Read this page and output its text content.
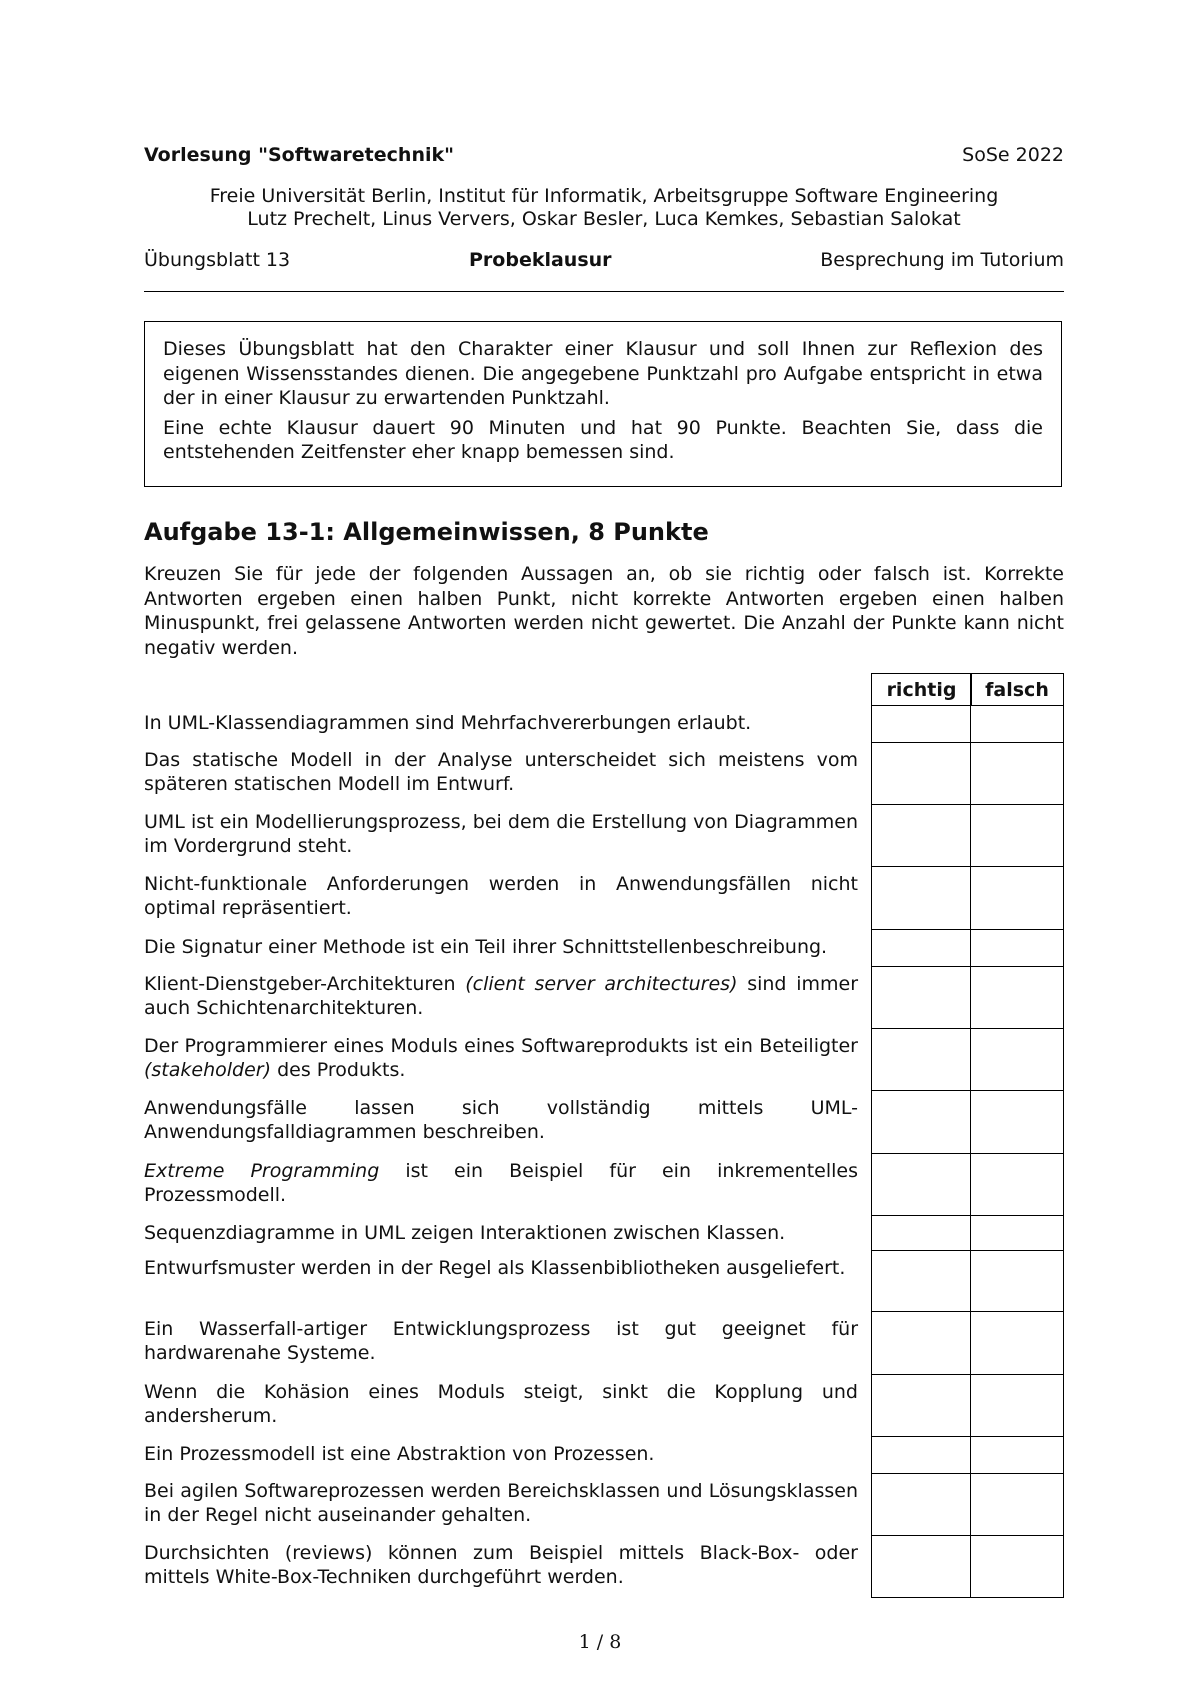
Vorlesung "Softwaretechnik"	SoSe 2022
Freie Universität Berlin, Institut für Informatik, Arbeitsgruppe Software Engineering
Lutz Prechelt, Linus Ververs, Oskar Besler, Luca Kemkes, Sebastian Salokat
Übungsblatt 13	Probeklausur	Besprechung im Tutorium

Dieses Übungsblatt hat den Charakter einer Klausur und soll Ihnen zur Reflexion des eigenen Wissensstandes dienen. Die angegebene Punktzahl pro Aufgabe entspricht in etwa der in einer Klausur zu erwartenden Punktzahl.

Eine echte Klausur dauert 90 Minuten und hat 90 Punkte. Beachten Sie, dass die entstehenden Zeitfenster eher knapp bemessen sind.

Aufgabe 13-1: Allgemeinwissen, 8 Punkte
Kreuzen Sie für jede der folgenden Aussagen an, ob sie richtig oder falsch ist. Korrekte Antworten ergeben einen halben Punkt, nicht korrekte Antworten ergeben einen halben Minuspunkt, frei gelassene Antworten werden nicht gewertet. Die Anzahl der Punkte kann nicht negativ werden.
richtig	falsch
In UML-Klassendiagrammen sind Mehrfachvererbungen erlaubt.
Das statische Modell in der Analyse unterscheidet sich meistens vom späteren statischen Modell im Entwurf.
UML ist ein Modellierungsprozess, bei dem die Erstellung von Diagrammen im Vordergrund steht.
Nicht-funktionale Anforderungen werden in Anwendungsfällen nicht optimal repräsentiert.
Die Signatur einer Methode ist ein Teil ihrer Schnittstellenbeschreibung.
Klient-Dienstgeber-Architekturen (client server architectures) sind immer auch Schichtenarchitekturen.
Der Programmierer eines Moduls eines Softwareprodukts ist ein Beteiligter (stakeholder) des Produkts.
Anwendungsfälle lassen sich vollständig mittels UML-Anwendungsfalldiagrammen beschreiben.
Extreme Programming ist ein Beispiel für ein inkrementelles Prozessmodell.
Sequenzdiagramme in UML zeigen Interaktionen zwischen Klassen.
Entwurfsmuster werden in der Regel als Klassenbibliotheken ausgeliefert.
Ein Wasserfall-artiger Entwicklungsprozess ist gut geeignet für hardwarenahe Systeme.
Wenn die Kohäsion eines Moduls steigt, sinkt die Kopplung und andersherum.
Ein Prozessmodell ist eine Abstraktion von Prozessen.
Bei agilen Softwareprozessen werden Bereichsklassen und Lösungsklassen in der Regel nicht auseinander gehalten.
Durchsichten (reviews) können zum Beispiel mittels Black-Box- oder mittels White-Box-Techniken durchgeführt werden.
1 / 8
